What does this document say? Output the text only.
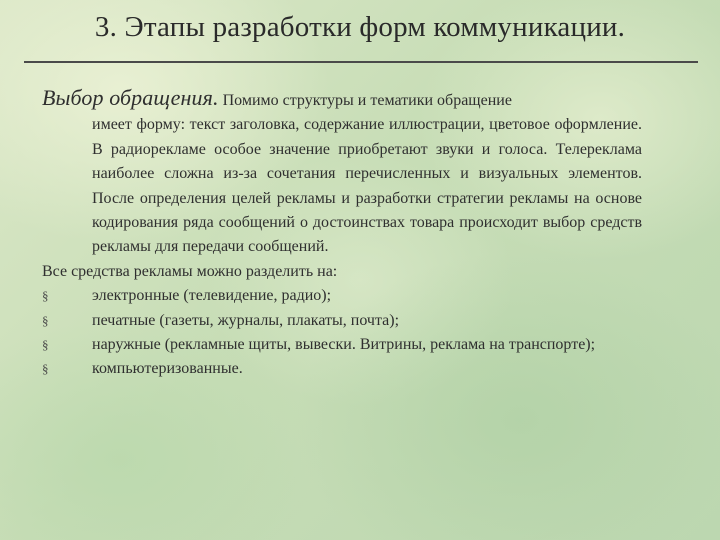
3. Этапы разработки форм коммуникации.
Выбор обращения. Помимо структуры и тематики обращение
имеет форму: текст заголовка, содержание иллюстрации, цветовое оформление. В радиорекламе особое значение приобретают звуки и голоса. Телереклама наиболее сложна из-за сочетания перечисленных и визуальных элементов. После определения целей рекламы и разработки стратегии рекламы на основе кодирования ряда сообщений о достоинствах товара происходит выбор средств рекламы для передачи сообщений.
Все средства рекламы можно разделить на:
§	электронные (телевидение, радио);
§	печатные (газеты, журналы, плакаты, почта);
§	наружные (рекламные щиты, вывески. Витрины, реклама на транспорте);
§	компьютеризованные.
